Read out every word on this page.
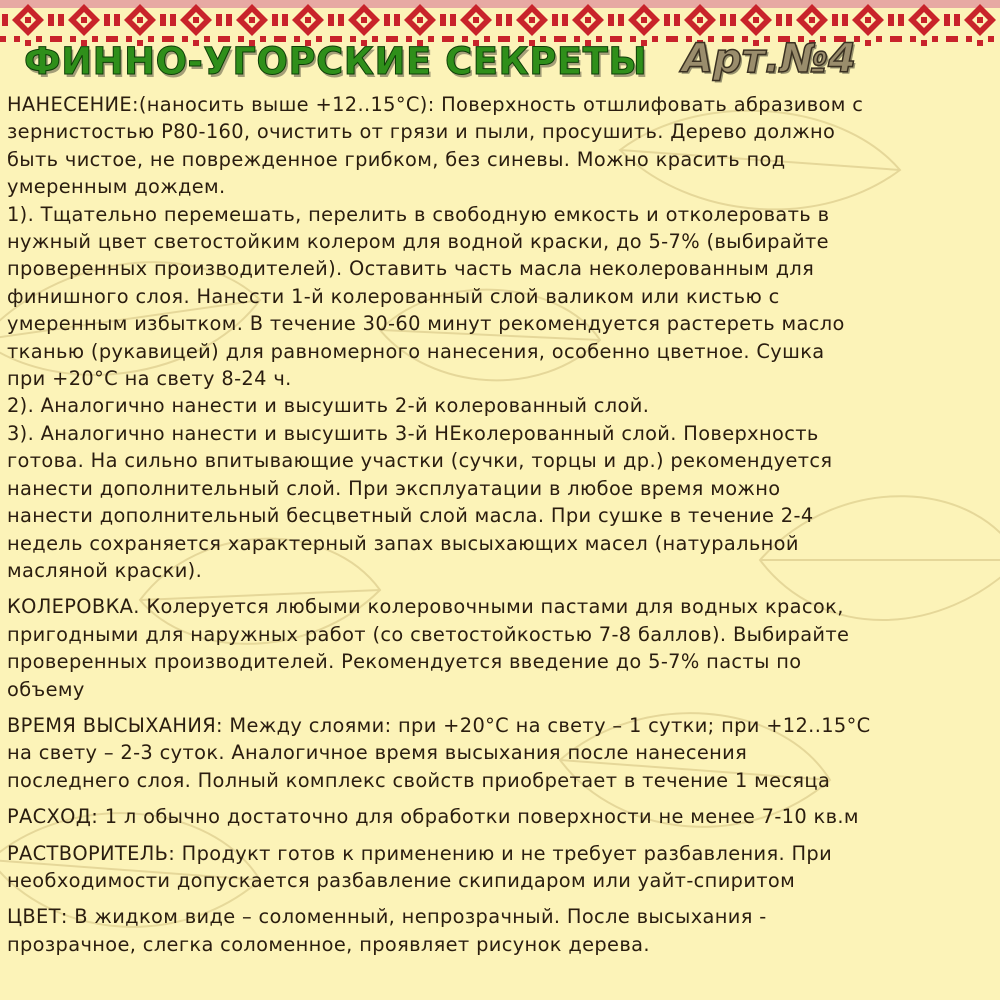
ФИННО-УГОРСКИЕ СЕКРЕТЫ Арт.№4

НАНЕСЕНИЕ:(наносить выше +12..15°С): Поверхность отшлифовать абразивом с

зернистостью Р80-160, очистить от грязи и пыли, просушить. Дерево должно

быть чистое, не поврежденное грибком, без синевы. Можно красить под

умеренным дождем.

1). Тщательно перемешать, перелить в свободную емкость и отколеровать в

нужный цвет светостойким колером для водной краски, до 5-7% (выбирайте

проверенных производителей). Оставить часть масла неколерованным для

финишного слоя. Нанести 1-й колерованный слой валиком или кистью с

умеренным избытком. В течение 30-60 минут рекомендуется растереть масло

тканью (рукавицей) для равномерного нанесения, особенно цветное. Сушка

при +20°С на свету 8-24 ч.

2). Аналогично нанести и высушить 2-й колерованный слой.

3). Аналогично нанести и высушить 3-й НЕколерованный слой. Поверхность

готова. На сильно впитывающие участки (сучки, торцы и др.) рекомендуется

нанести дополнительный слой. При эксплуатации в любое время можно

нанести дополнительный бесцветный слой масла. При сушке в течение 2-4

недель сохраняется характерный запах высыхающих масел (натуральной

масляной краски).

КОЛЕРОВКА. Колеруется любыми колеровочными пастами для водных красок,

пригодными для наружных работ (со светостойкостью 7-8 баллов). Выбирайте

проверенных производителей. Рекомендуется введение до 5-7% пасты по

объему

ВРЕМЯ ВЫСЫХАНИЯ: Между слоями: при +20°С на свету – 1 сутки; при +12..15°С

на свету – 2-3 суток. Аналогичное время высыхания после нанесения

последнего слоя. Полный комплекс свойств приобретает в течение 1 месяца

РАСХОД: 1 л обычно достаточно для обработки поверхности не менее 7-10 кв.м

РАСТВОРИТЕЛЬ: Продукт готов к применению и не требует разбавления. При

необходимости допускается разбавление скипидаром или уайт-спиритом

ЦВЕТ: В жидком виде – соломенный, непрозрачный. После высыхания -

прозрачное, слегка соломенное, проявляет рисунок дерева.
